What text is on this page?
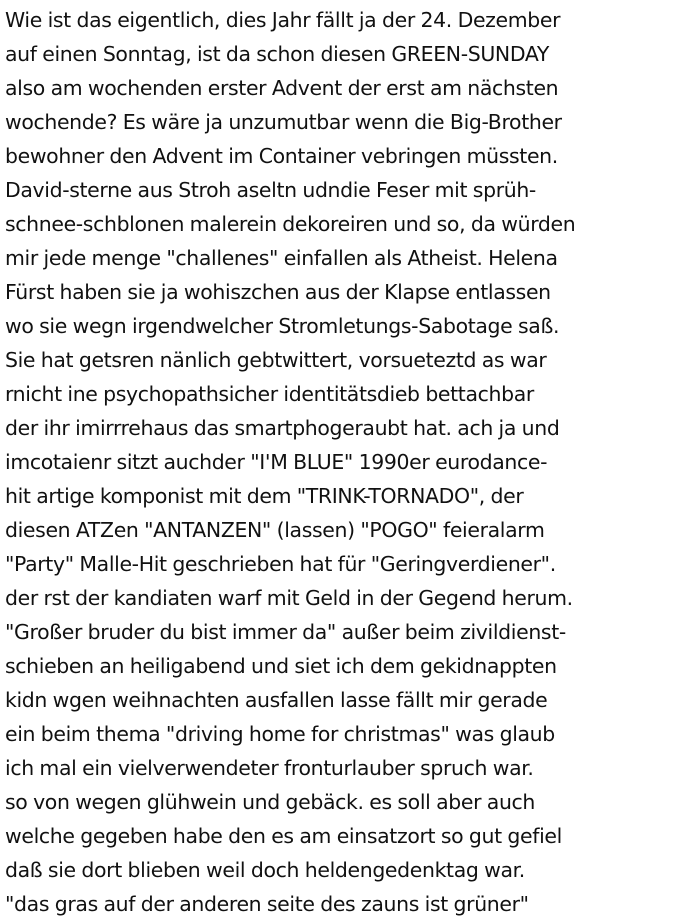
Wie ist das eigentlich, dies Jahr fällt ja der 24. Dezember
auf einen Sonntag, ist da schon diesen GREEN-SUNDAY
also am wochenden erster Advent der erst am nächsten
wochende? Es wäre ja unzumutbar wenn die Big-Brother
bewohner den Advent im Container vebringen müssten.
David-sterne aus Stroh aseltn udndie Feser mit sprüh-
schnee-schblonen malerein dekoreiren und so, da würden
mir jede menge "challenes" einfallen als Atheist. Helena
Fürst haben sie ja wohiszchen aus der Klapse entlassen
wo sie wegn irgendwelcher Stromletungs-Sabotage saß.
Sie hat getsren nänlich gebtwittert, vorsueteztd as war
rnicht ine psychopathsicher identitätsdieb bettachbar
der ihr imirrrehaus das smartphogeraubt hat. ach ja und
imcotaienr sitzt auchder "I'M BLUE" 1990er eurodance-
hit artige komponist mit dem "TRINK-TORNADO", der
diesen ATZen "ANTANZEN" (lassen) "POGO" feieralarm
"Party" Malle-Hit geschrieben hat für "Geringverdiener".
der rst der kandiaten warf mit Geld in der Gegend herum.
"Großer bruder du bist immer da" außer beim zivildienst-
schieben an heiligabend und siet ich dem gekidnappten
kidn wgen weihnachten ausfallen lasse fällt mir gerade
ein beim thema "driving home for christmas" was glaub
ich mal ein vielverwendeter fronturlauber spruch war.
so von wegen glühwein und gebäck. es soll aber auch
welche gegeben habe den es am einsatzort so gut gefiel
daß sie dort blieben weil doch heldengedenktag war.
"das gras auf der anderen seite des zauns ist grüner"
